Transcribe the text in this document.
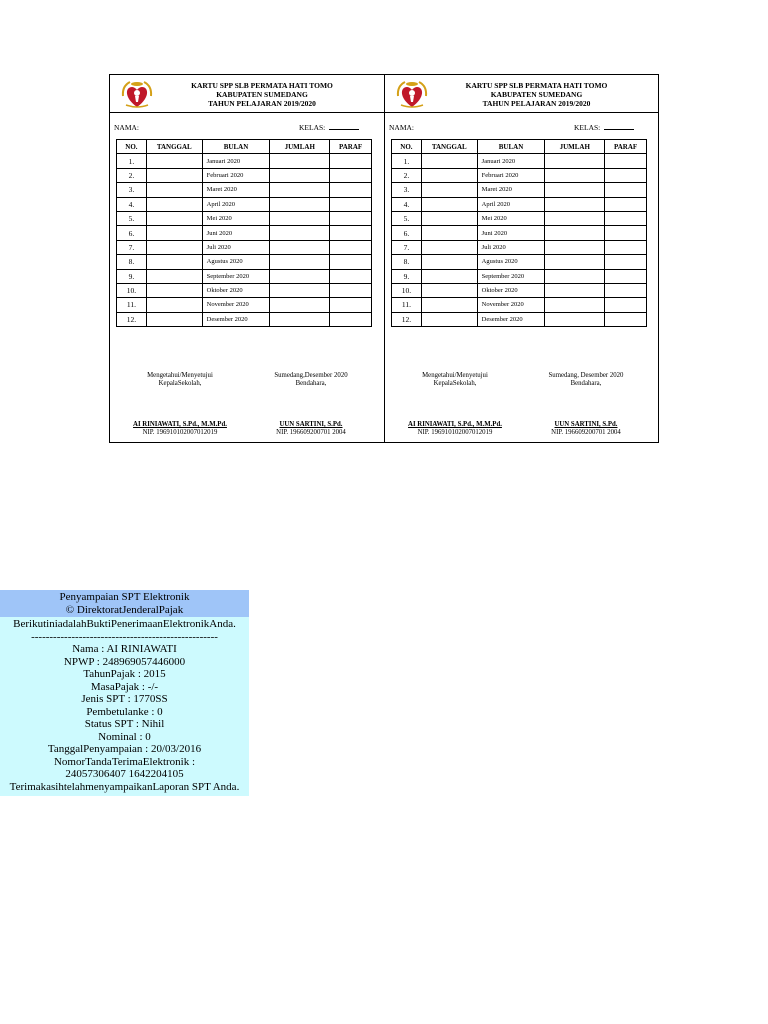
KARTU SPP SLB PERMATA HATI TOMO
KABUPATEN SUMEDANG
TAHUN PELAJARAN 2019/2020
NAMA:	KELAS:
NO.	TANGGAL	BULAN	JUMLAH	PARAF
1.		Januari 2020		
2.		Februari 2020		
3.		Maret 2020		
4.		April 2020		
5.		Mei 2020		
6.		Juni 2020		
7.		Juli 2020		
8.		Agustus 2020		
9.		September 2020		
10.		Oktober 2020		
11.		November 2020		
12.		Desember 2020		
Mengetahui/Menyetujui
KepalaSekolah,
Sumedang,Desember 2020
Bendahara,
AI RINIAWATI, S.Pd., M.M.Pd.
NIP. 196910102007012019
UUN SARTINI, S.Pd.
NIP. 196609200701 2004
KARTU SPP SLB PERMATA HATI TOMO
KABUPATEN SUMEDANG
TAHUN PELAJARAN 2019/2020
NAMA:	KELAS:
NO.	TANGGAL	BULAN	JUMLAH	PARAF
1.		Januari 2020		
2.		Februari 2020		
3.		Maret 2020		
4.		April 2020		
5.		Mei 2020		
6.		Juni 2020		
7.		Juli 2020		
8.		Agustus 2020		
9.		September 2020		
10.		Oktober 2020		
11.		November 2020		
12.		Desember 2020		
Mengetahui/Menyetujui
KepalaSekolah,
Sumedang, Desember 2020
Bendahara,
AI RINIAWATI, S.Pd., M.M.Pd.
NIP. 196910102007012019
UUN SARTINI, S.Pd.
NIP. 196609200701 2004
Penyampaian SPT Elektronik
© DirektoratJenderalPajak
BerikutiniadalahBuktiPenerimaanElektronikAnda.
---------------------------------------------------
Nama : AI RINIAWATI
NPWP : 248969057446000
TahunPajak : 2015
MasaPajak : -/-
Jenis SPT : 1770SS
Pembetulanke : 0
Status SPT : Nihil
Nominal : 0
TanggalPenyampaian : 20/03/2016
NomorTandaTerimaElektronik :
24057306407 1642204105
TerimakasihtelahmenyampaikanLaporan SPT Anda.
